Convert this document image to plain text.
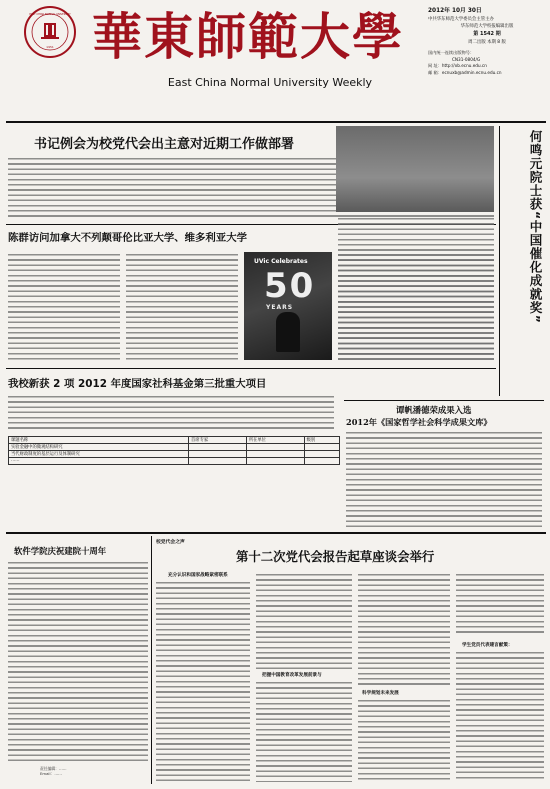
EAST CHINA NORMAL UNIVERSITY
1951 華東師範大學
East China Normal University Weekly
2012年 10月 30日
中共华东师范大学委员会主管主办
华东师范大学校报编辑出版
第 1542 期
周二出版 本期 8 版
国内统一连续出版物号：
CN31-0804/G
网 址：http://xb.ecnu.edu.cn
邮 箱：ecnuxb@admin.ecnu.edu.cn
书记例会为校党代会出主意对近期工作做部署
陈群访问加拿大不列颠哥伦比亚大学、维多利亚大学
UVic Celebrates
50
YEARS
我校新获 2 项 2012 年度国家社科基金第三批重大项目
课题名称	首席专家	所在单位	级别
实验金融中的微观结构研究			
当代财政制度的基层运行及体制研究			
……			
何鸣元院士获“中国催化成就奖”
谭帆潘德荣成果入选
2012年《国家哲学社会科学成果文库》
软件学院庆祝建院十周年
责任编辑：……
Email：……
校党代会之声
第十二次党代会报告起草座谈会举行
充分认识和国家战略紧密联系
把握中国教育改革发展前景与
科学规划未来发展
学生党员代表建言献策：
